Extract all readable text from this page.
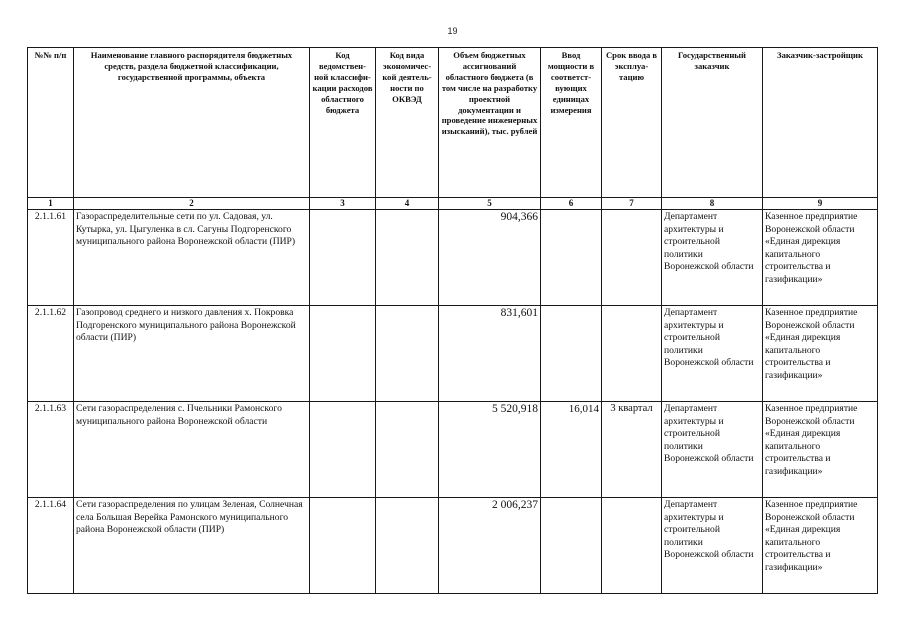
19
№№ п/п	Наименование главного распорядителя бюджетных средств, раздела бюджетной классификации, государственной программы, объекта	Код ведомствен-ной классифи-кации расходов областного бюджета	Код вида экономичес-кой деятель-ности по ОКВЭД	Объем бюджетных ассигнований областного бюджета (в том числе на разработку проектной документации и проведение инженерных изысканий), тыс. рублей	Ввод мощности в соответст-вующих единицах измерения	Срок ввода в эксплуа-тацию	Государственный заказчик	Заказчик-застройщик
1	2	3	4	5	6	7	8	9
2.1.1.61	Газораспределительные сети по ул. Садовая, ул. Кутырка, ул. Цыгуленка в сл. Сагуны Подгоренского муниципального района Воронежской области (ПИР)			904,366			Департамент архитектуры и строительной политики Воронежской области	Казенное предприятие Воронежской области «Единая дирекция капитального строительства и газификации»
2.1.1.62	Газопровод среднего и низкого давления х. Покровка Подгоренского муниципального района Воронежской области (ПИР)			831,601			Департамент архитектуры и строительной политики Воронежской области	Казенное предприятие Воронежской области «Единая дирекция капитального строительства и газификации»
2.1.1.63	Сети газораспределения с. Пчельники Рамонского муниципального района Воронежской области			5 520,918	16,014	3 квартал	Департамент архитектуры и строительной политики Воронежской области	Казенное предприятие Воронежской области «Единая дирекция капитального строительства и газификации»
2.1.1.64	Сети газораспределения по улицам Зеленая, Солнечная села Большая Верейка Рамонского муниципального района Воронежской области (ПИР)			2 006,237			Департамент архитектуры и строительной политики Воронежской области	Казенное предприятие Воронежской области «Единая дирекция капитального строительства и газификации»
